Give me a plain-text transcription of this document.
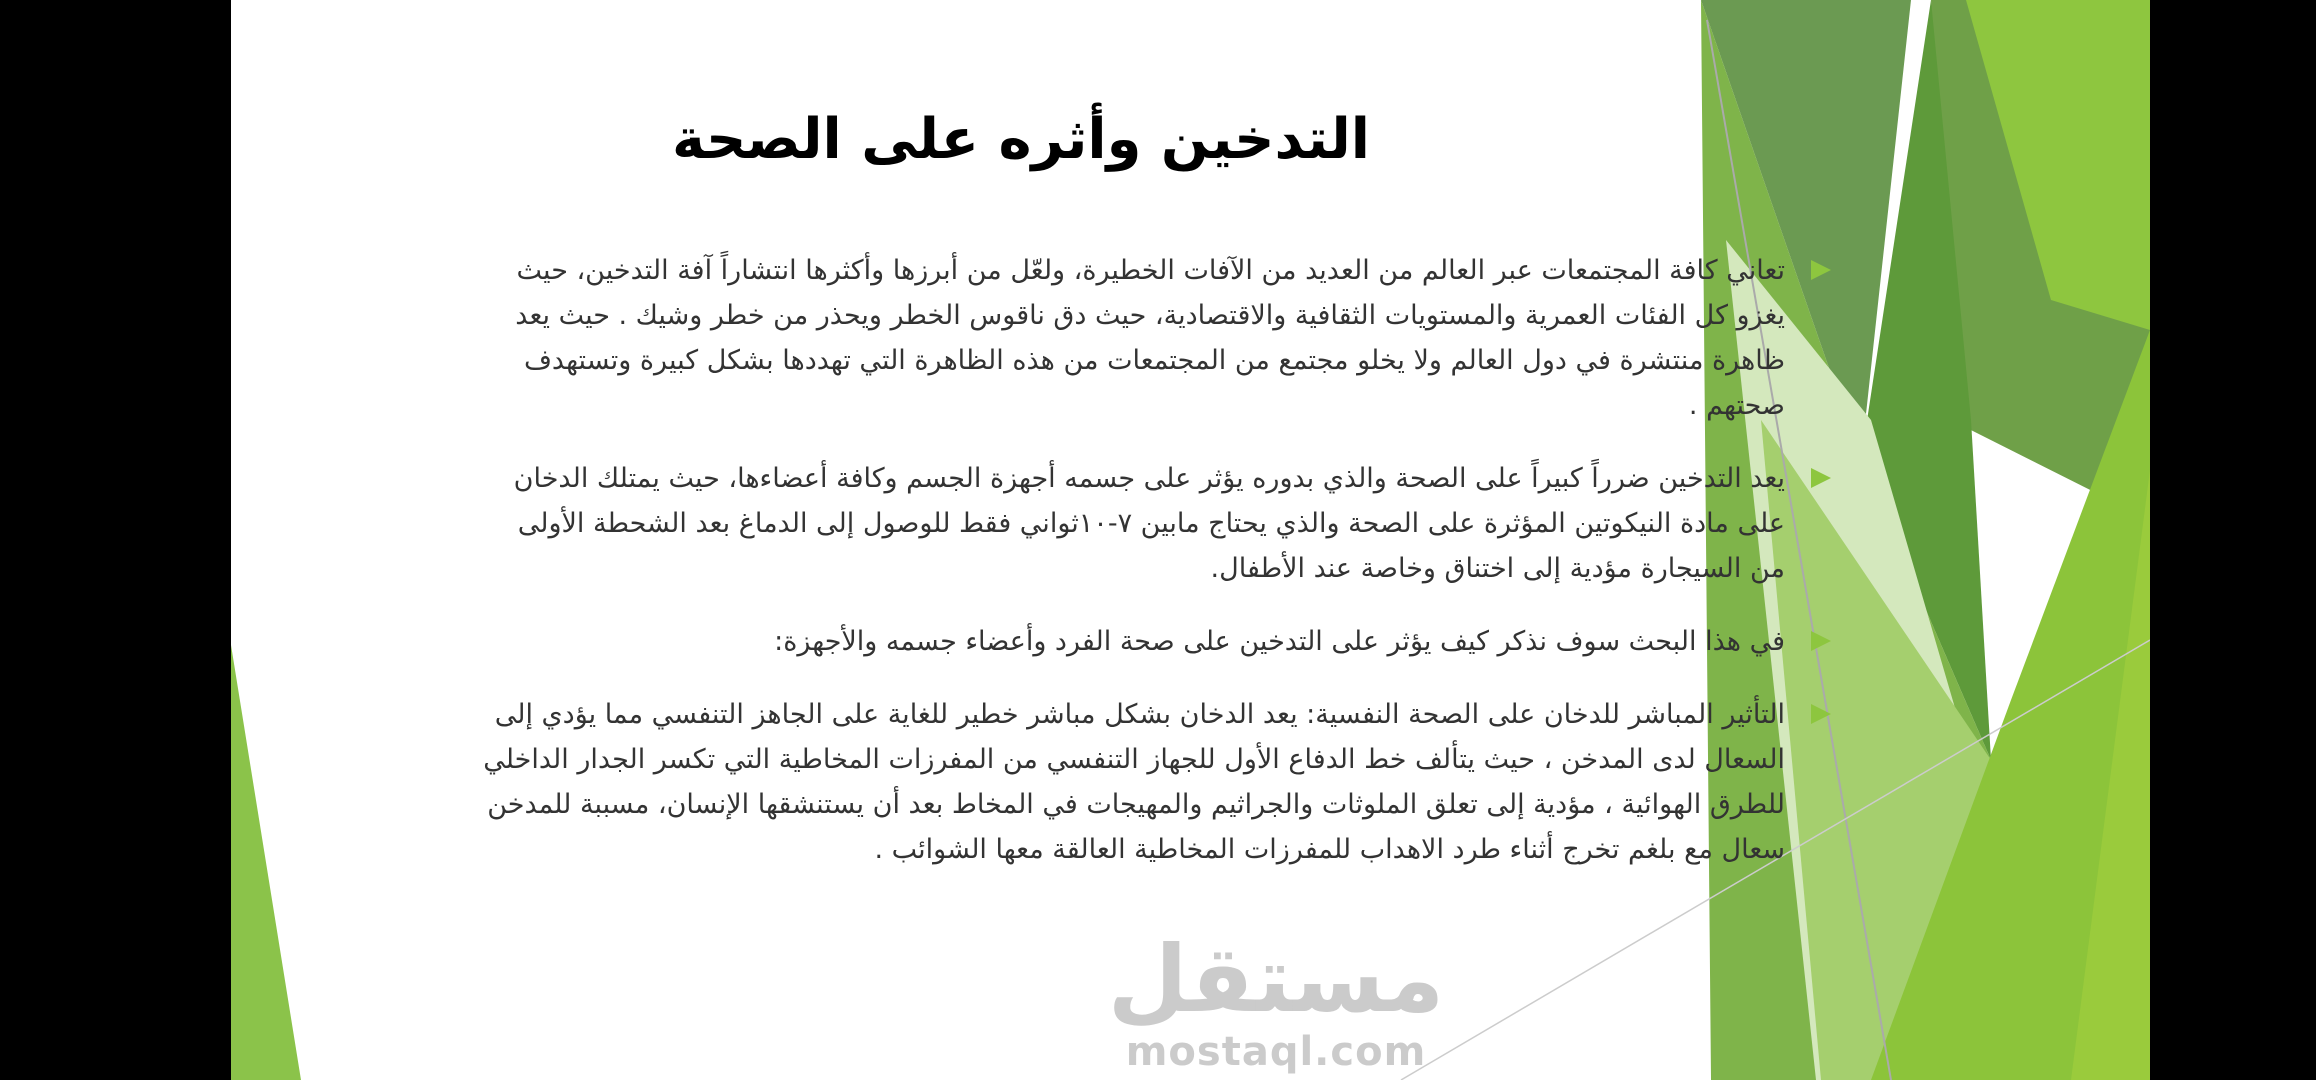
التدخين وأثره على الصحة
تعاني كافة المجتمعات عبر العالم من العديد من الآفات الخطيرة، ولعّل من أبرزها وأكثرها انتشاراً آفة التدخين، حيث
يغزو كل الفئات العمرية والمستويات الثقافية والاقتصادية، حيث دق ناقوس الخطر ويحذر من خطر وشيك . حيث يعد
ظاهرة منتشرة في دول العالم ولا يخلو مجتمع من المجتمعات من هذه الظاهرة التي تهددها بشكل كبيرة وتستهدف
صحتهم .
يعد التدخين ضرراً كبيراً على الصحة والذي بدوره يؤثر على جسمه أجهزة الجسم وكافة أعضاءها، حيث يمتلك الدخان
على مادة النيكوتين المؤثرة على الصحة والذي يحتاج مابين ٧-١٠ثواني فقط للوصول إلى الدماغ بعد الشحطة الأولى
من السيجارة مؤدية إلى اختناق وخاصة عند الأطفال.
في هذا البحث سوف نذكر كيف يؤثر على التدخين على صحة الفرد وأعضاء جسمه والأجهزة:
التأثير المباشر للدخان على الصحة النفسية: يعد الدخان بشكل مباشر خطير للغاية على الجاهز التنفسي مما يؤدي إلى
السعال لدى المدخن ، حيث يتألف خط الدفاع الأول للجهاز التنفسي من المفرزات المخاطية التي تكسر الجدار الداخلي
للطرق الهوائية ، مؤدية إلى تعلق الملوثات والجراثيم والمهيجات في المخاط بعد أن يستنشقها الإنسان، مسببة للمدخن
سعال مع بلغم تخرج أثناء طرد الاهداب للمفرزات المخاطية العالقة معها الشوائب .
مستقل
mostaql.com
